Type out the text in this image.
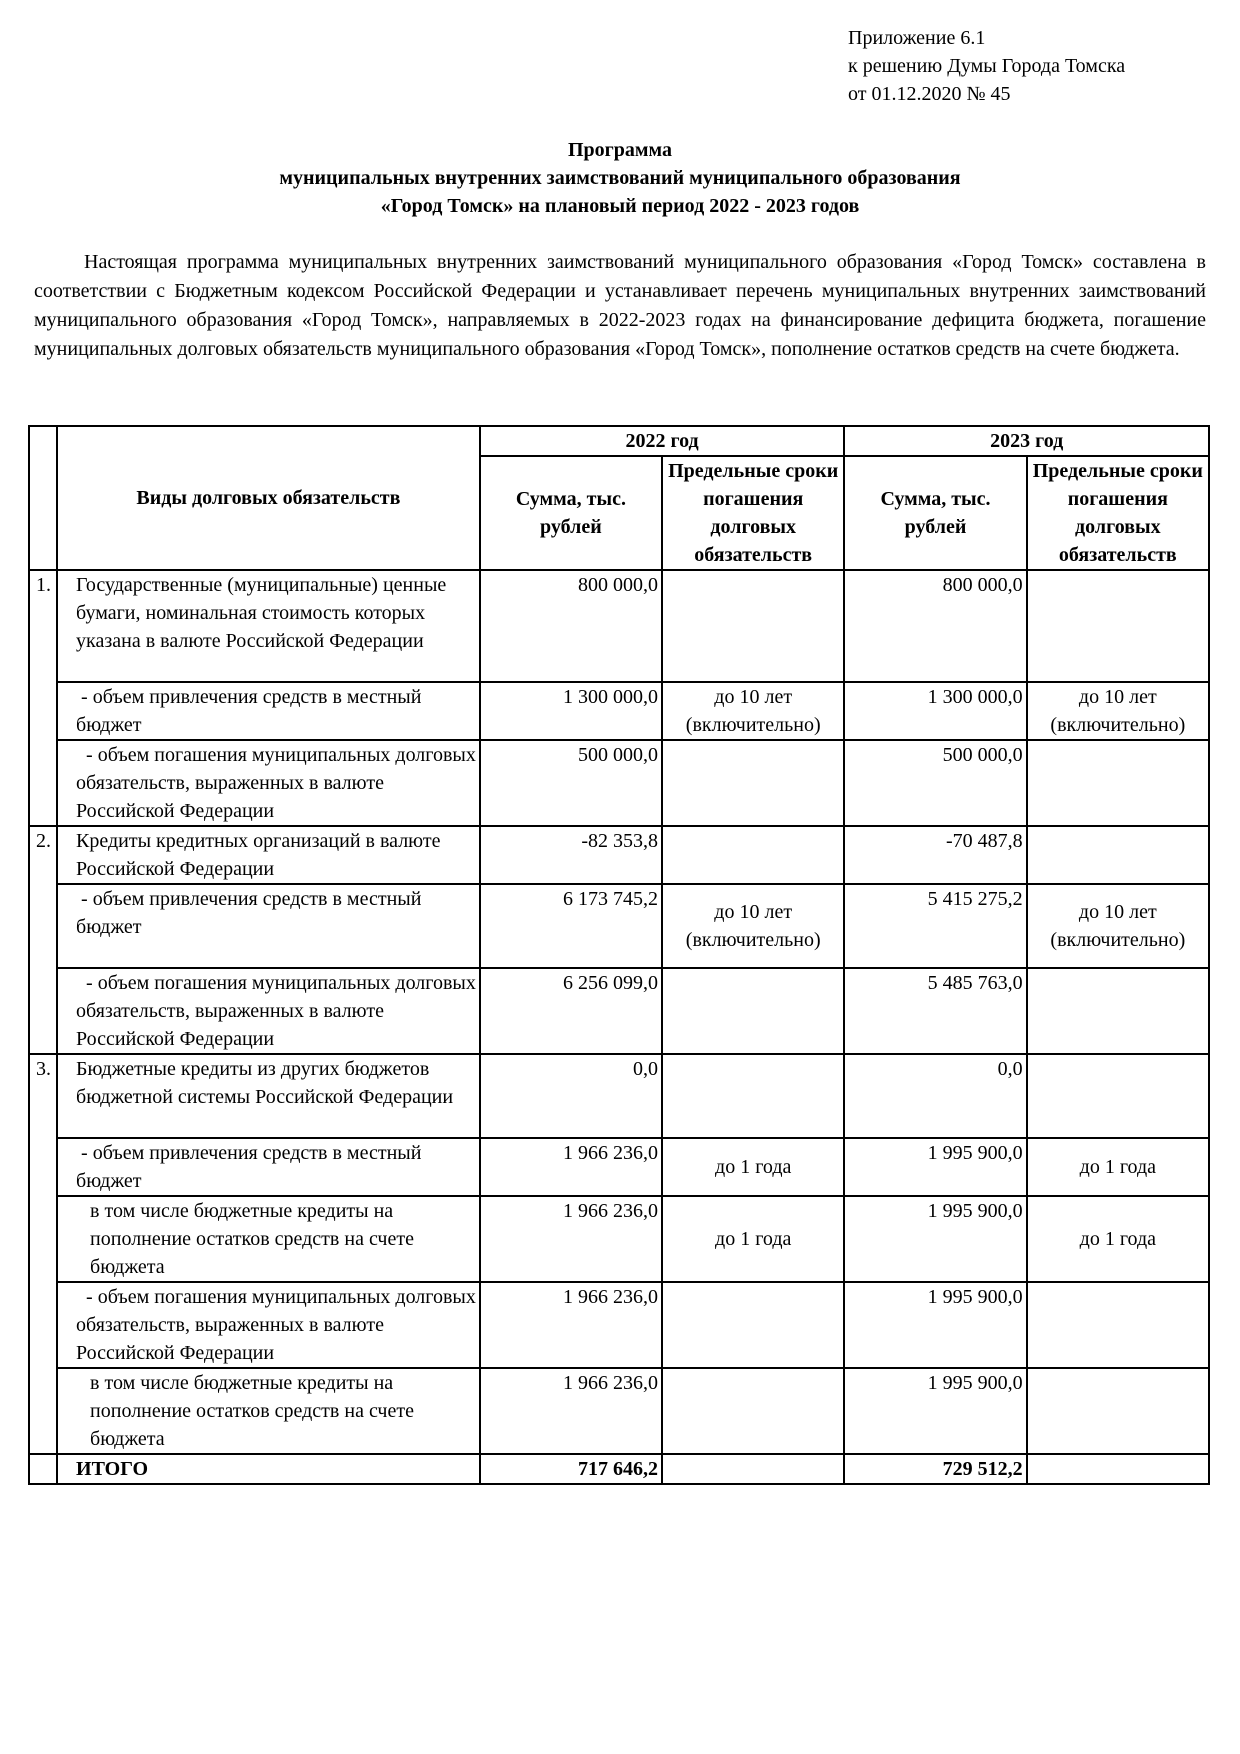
Приложение 6.1
к решению Думы Города Томска
от 01.12.2020 № 45
Программа
муниципальных внутренних заимствований муниципального образования
«Город Томск» на плановый период 2022 - 2023 годов
Настоящая программа муниципальных внутренних заимствований муниципального образования «Город Томск» составлена в соответствии с Бюджетным кодексом Российской Федерации и устанавливает перечень муниципальных внутренних заимствований муниципального образования «Город Томск», направляемых в 2022-2023 годах на финансирование дефицита бюджета, погашение муниципальных долговых обязательств муниципального образования «Город Томск», пополнение остатков средств на счете бюджета.
	Виды долговых обязательств	2022 год		2023 год	
		Сумма, тыс. рублей	Предельные сроки погашения долговых обязательств	Сумма, тыс. рублей	Предельные сроки погашения долговых обязательств
1.	Государственные (муниципальные) ценные бумаги, номинальная стоимость которых указана в валюте Российской Федерации	800 000,0		800 000,0	
	- объем привлечения средств в местный бюджет	1 300 000,0	до 10 лет (включительно)	1 300 000,0	до 10 лет (включительно)
	- объем погашения муниципальных долговых обязательств, выраженных в валюте Российской Федерации	500 000,0		500 000,0	
2.	Кредиты кредитных организаций в валюте Российской Федерации	-82 353,8		-70 487,8	
	- объем привлечения средств в местный бюджет	6 173 745,2	до 10 лет (включительно)	5 415 275,2	до 10 лет (включительно)
	- объем погашения муниципальных долговых обязательств, выраженных в валюте Российской Федерации	6 256 099,0		5 485 763,0	
3.	Бюджетные кредиты из других бюджетов бюджетной системы Российской Федерации	0,0		0,0	
	- объем привлечения средств в местный бюджет	1 966 236,0	до 1 года	1 995 900,0	до 1 года
	в том числе бюджетные кредиты на пополнение остатков средств на счете бюджета	1 966 236,0	до 1 года	1 995 900,0	до 1 года
	- объем погашения муниципальных долговых обязательств, выраженных в валюте Российской Федерации	1 966 236,0		1 995 900,0	
	в том числе бюджетные кредиты на пополнение остатков средств на счете бюджета	1 966 236,0		1 995 900,0	
	ИТОГО	717 646,2		729 512,2	
